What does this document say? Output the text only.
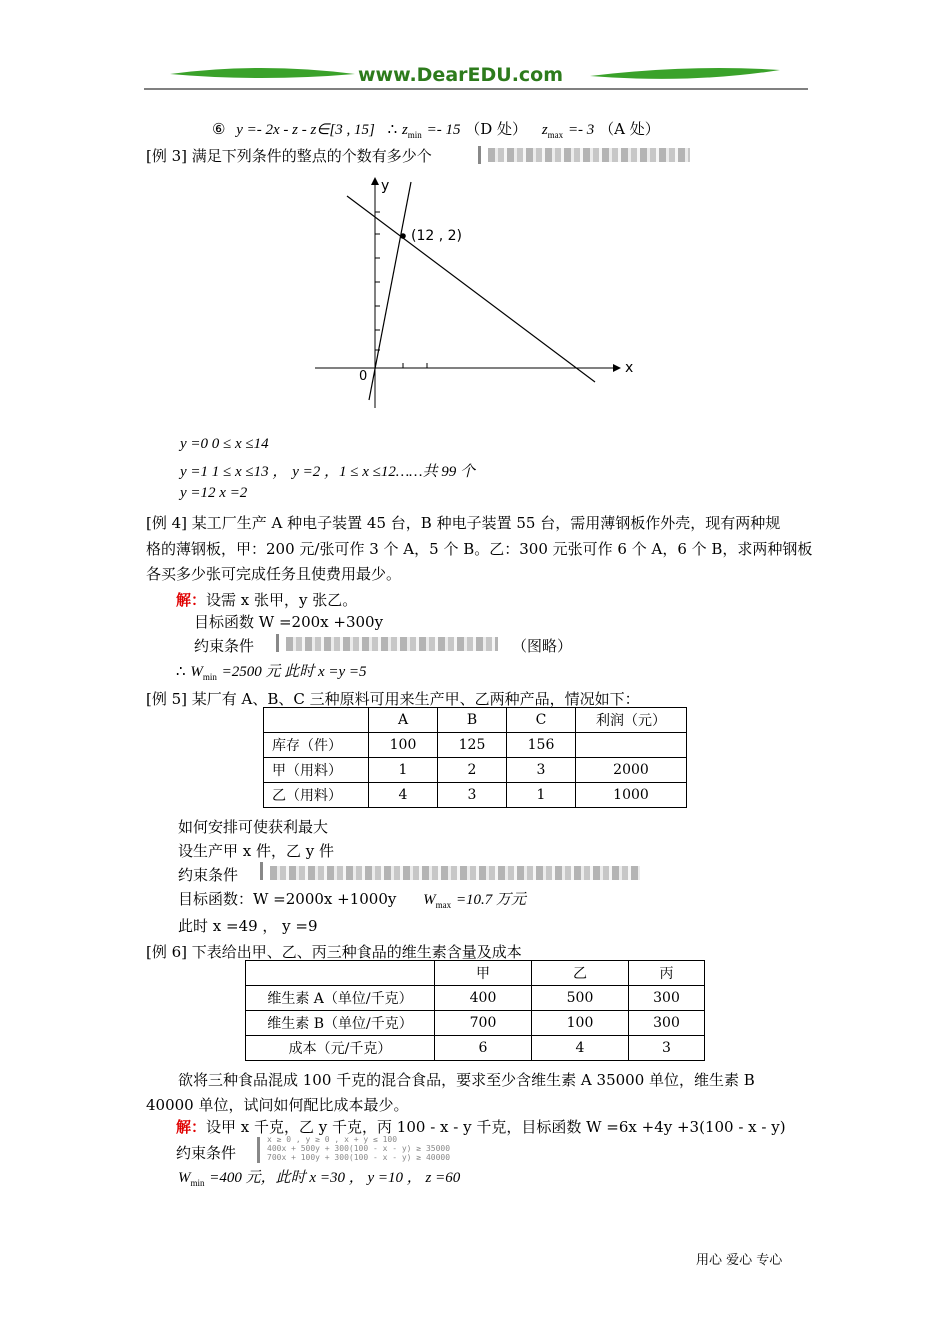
www.DearEDU.com
⑥ y =- 2x - z - z∈[3 , 15] ∴ $z_{min} =- 15$ （D 处） $z_{max} =- 3$ （A 处）
[例 3] 满足下列条件的整点的个数有多少个
y
x
0
(12 , 2)
y =0 0 ≤ x ≤14
y =1 1 ≤ x ≤13 ， y =2 ，1 ≤ x ≤12……共 99 个
y =12 x =2
[例 4] 某工厂生产 A 种电子装置 45 台，B 种电子装置 55 台，需用薄钢板作外壳，现有两种规
格的薄钢板，甲：200 元/张可作 3 个 A，5 个 B。乙：300 元张可作 6 个 A，6 个 B，求两种钢板
各买多少张可完成任务且使费用最少。
解：设需 x 张甲，y 张乙。
目标函数 W =200x +300y
约束条件	（图略）
∴ $W_{min} =2500$ 元 此时 x =y =5
[例 5] 某厂有 A、B、C 三种原料可用来生产甲、乙两种产品，情况如下：
	A	B	C	利润（元）
库存（件）	100	125	156	
甲（用料）	1	2	3	2000
乙（用料）	4	3	1	1000
如何安排可使获利最大
设生产甲 x 件，乙 y 件
约束条件
目标函数：W =2000x +1000y $W_{max} =10.7$ 万元
此时 x =49 ， y =9
[例 6] 下表给出甲、乙、丙三种食品的维生素含量及成本
	甲	乙	丙
维生素 A（单位/千克）	400	500	300
维生素 B（单位/千克）	700	100	300
成本（元/千克）	6	4	3
欲将三种食品混成 100 千克的混合食品，要求至少含维生素 A 35000 单位，维生素 B
40000 单位，试问如何配比成本最少。
解：设甲 x 千克，乙 y 千克，丙 100 - x - y 千克，目标函数 W =6x +4y +3(100 - x - y)
约束条件
x ≥ 0 , y ≥ 0 , x + y ≤ 100
400x + 500y + 300(100 - x - y) ≥ 35000
700x + 100y + 300(100 - x - y) ≥ 40000
$W_{min} =400$ 元，此时 x =30 ， y =10 ， z =60
用心 爱心 专心
